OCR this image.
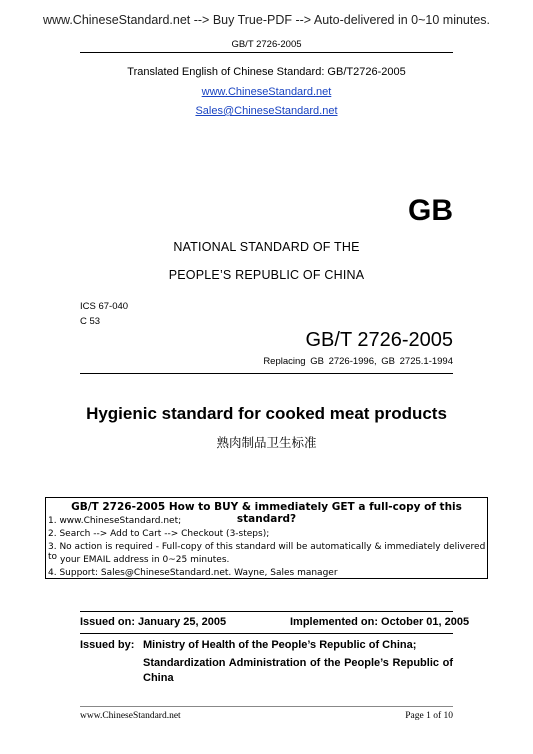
www.ChineseStandard.net --> Buy True-PDF --> Auto-delivered in 0~10 minutes.
GB/T 2726-2005
Translated English of Chinese Standard: GB/T2726-2005
www.ChineseStandard.net
Sales@ChineseStandard.net
GB
NATIONAL STANDARD OF THE
PEOPLE’S REPUBLIC OF CHINA
ICS 67-040
C 53
GB/T 2726-2005
Replacing GB 2726-1996, GB 2725.1-1994
Hygienic standard for cooked meat products
熟肉制品卫生标准
GB/T 2726-2005 How to BUY & immediately GET a full-copy of this standard?
1. www.ChineseStandard.net;
2. Search --> Add to Cart --> Checkout (3-steps);
3. No action is required - Full-copy of this standard will be automatically & immediately delivered to your EMAIL address in 0~25 minutes.
4. Support: Sales@ChineseStandard.net. Wayne, Sales manager
Issued on: January 25, 2005	Implemented on: October 01, 2005
Issued by: Ministry of Health of the People’s Republic of China;
Standardization Administration of the People’s Republic of
China
www.ChineseStandard.net	Page 1 of 10
